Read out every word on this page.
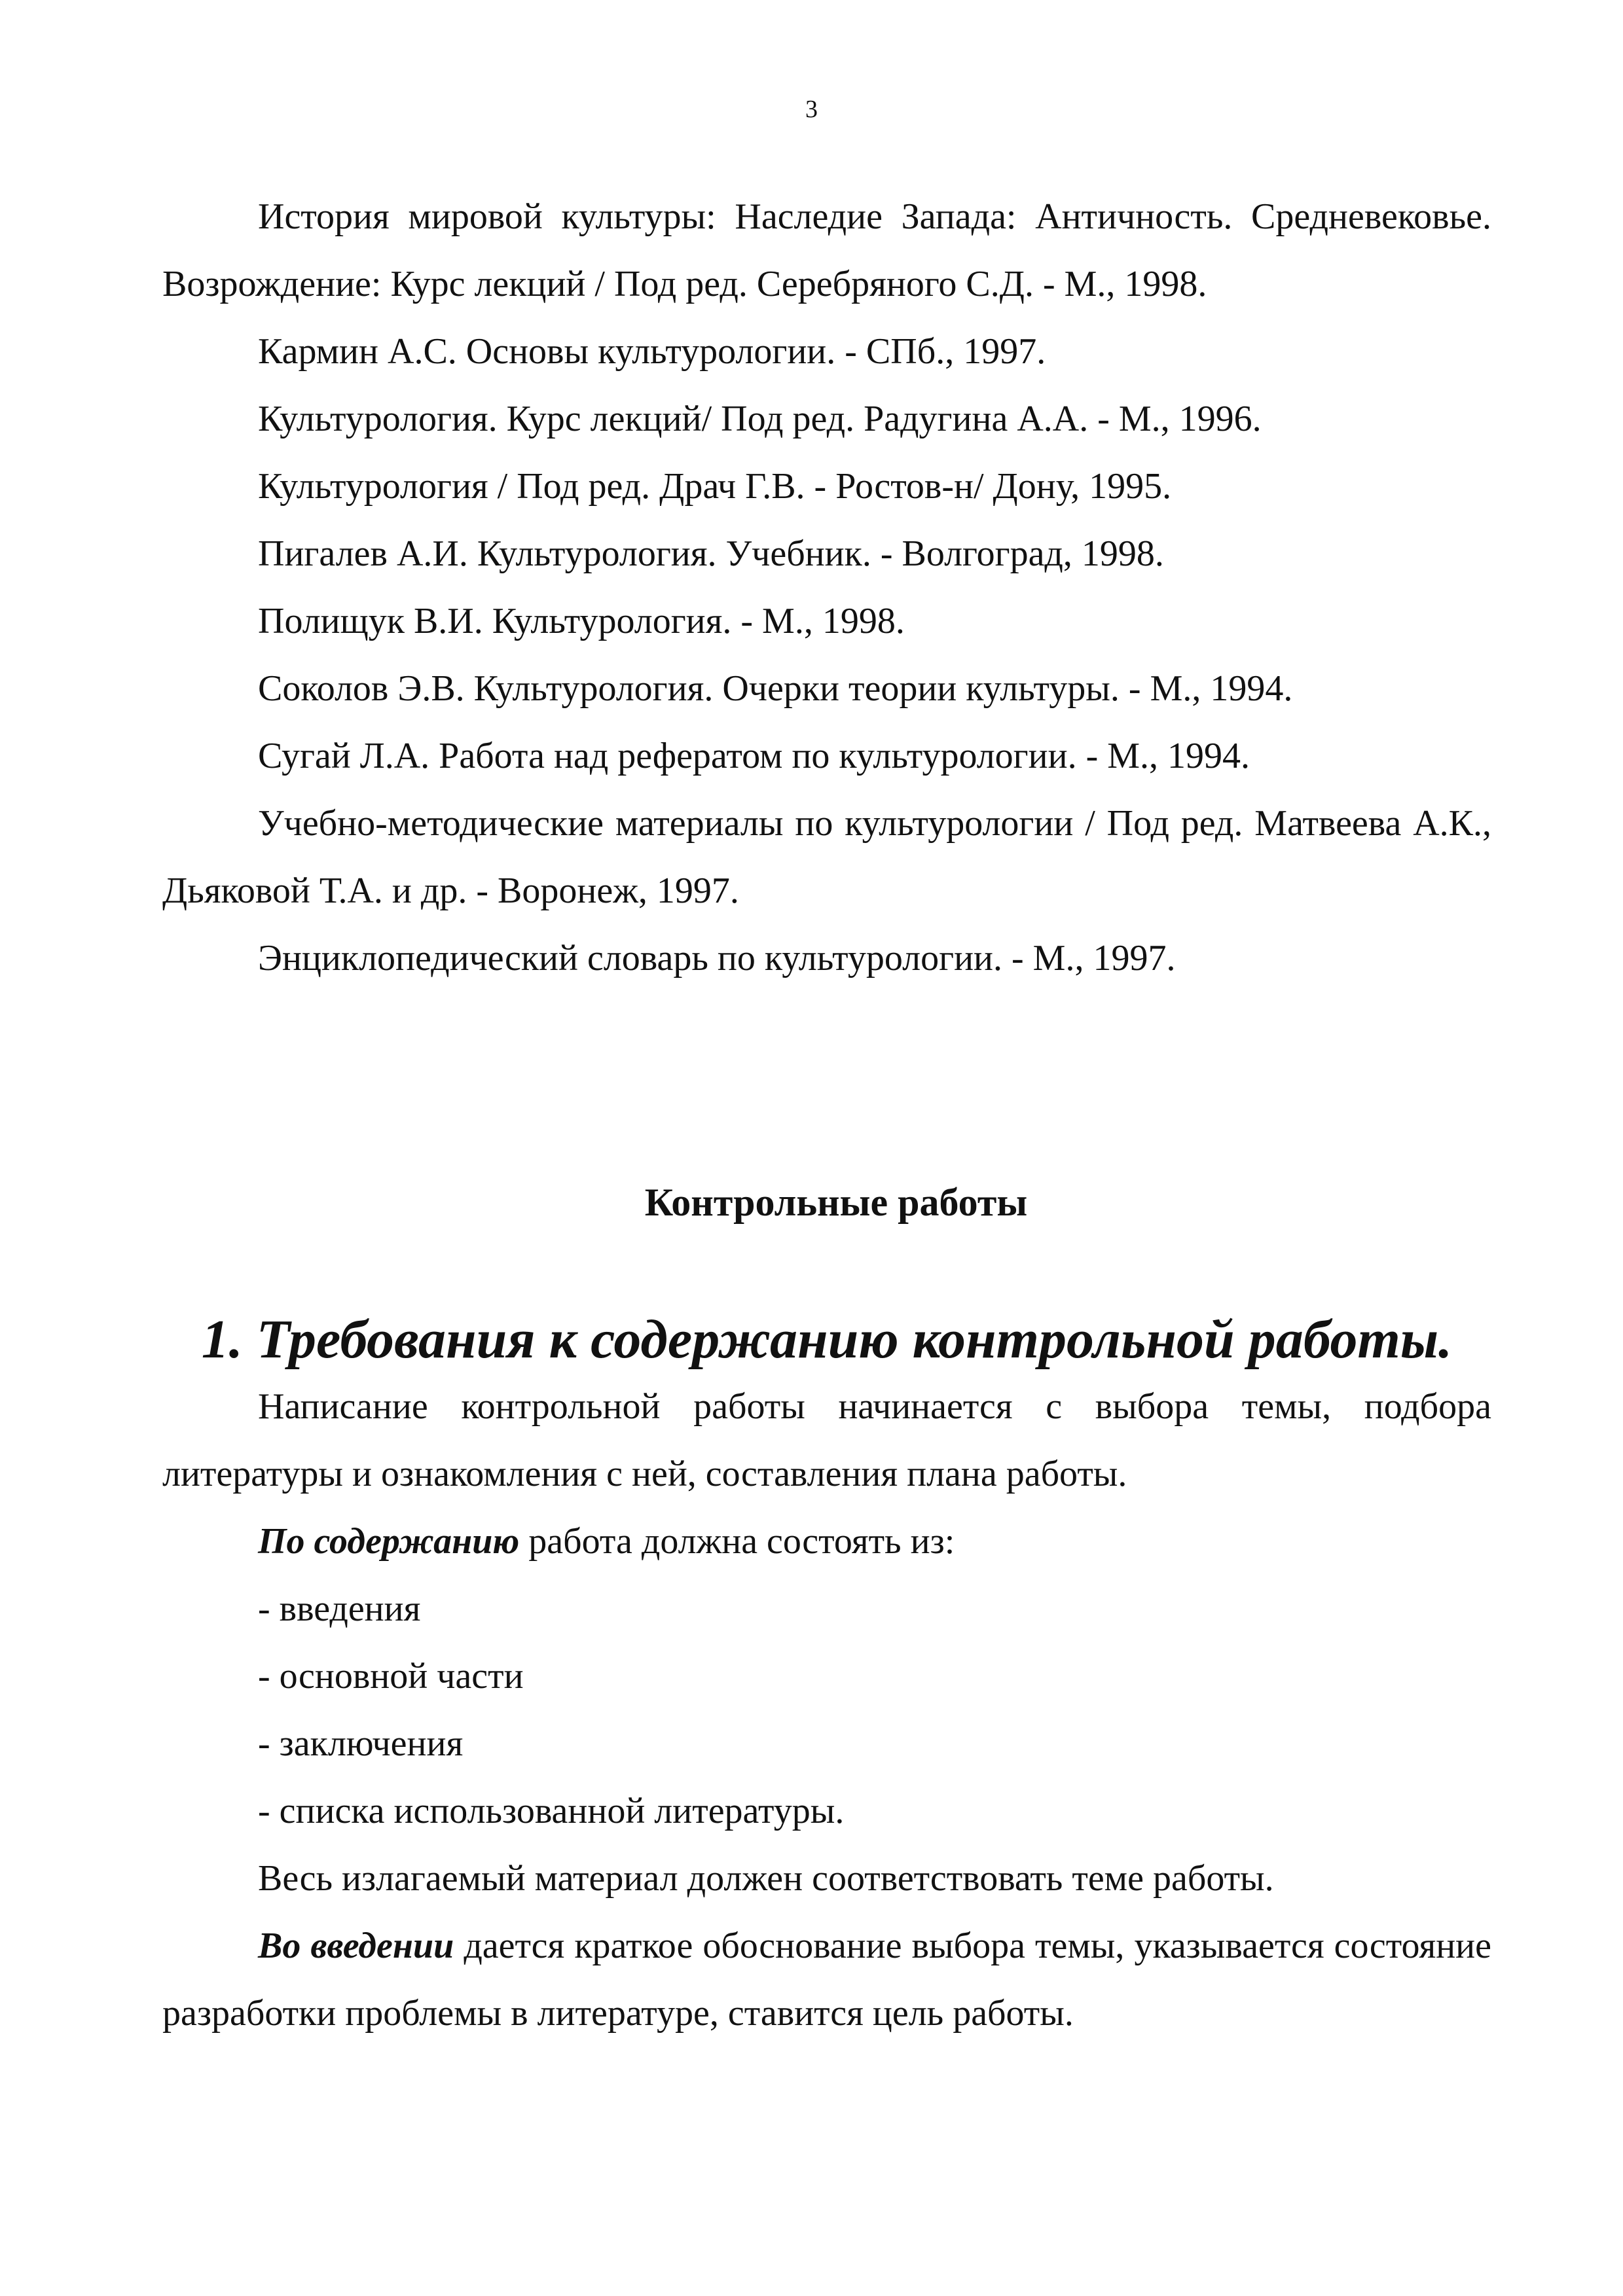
3

История мировой культуры: Наследие Запада: Античность. Средневековье. Возрождение: Курс лекций / Под ред. Серебряного С.Д. - М., 1998.

Кармин А.С. Основы культурологии. - СПб., 1997.

Культурология. Курс лекций/ Под ред. Радугина А.А. - М., 1996.

Культурология / Под ред. Драч Г.В. - Ростов-н/ Дону, 1995.

Пигалев А.И. Культурология. Учебник. - Волгоград, 1998.

Полищук В.И. Культурология. - М., 1998.

Соколов Э.В. Культурология. Очерки теории культуры. - М., 1994.

Сугай Л.А. Работа над рефератом по культурологии. - М., 1994.

Учебно-методические материалы по культурологии / Под ред. Матвеева А.К., Дьяковой Т.А. и др. - Воронеж, 1997.

Энциклопедический словарь по культурологии. - М., 1997.

Контрольные работы
1. Требования к содержанию контрольной работы.

Написание контрольной работы начинается с выбора темы, подбора литературы и ознакомления с ней, составления плана работы.

По содержанию работа должна состоять из:

- введения

- основной части

- заключения

- списка использованной литературы.

Весь излагаемый материал должен соответствовать теме работы.

Во введении дается краткое обоснование выбора темы, указывается состояние разработки проблемы в литературе, ставится цель работы.
